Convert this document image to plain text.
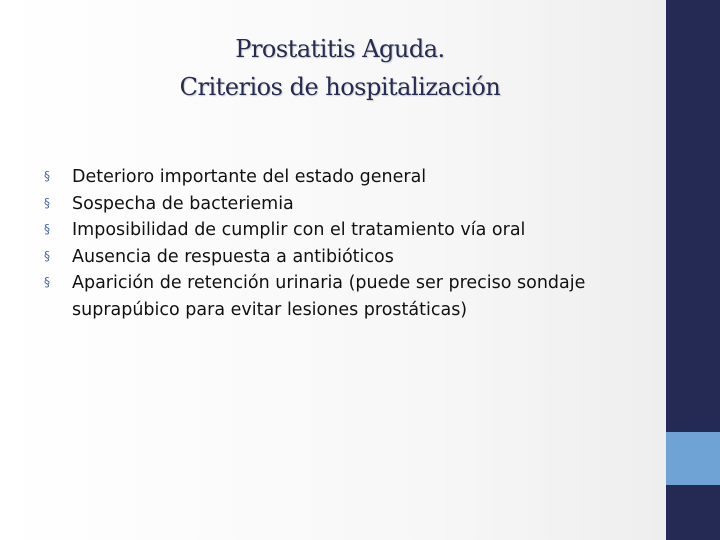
Prostatitis Aguda.
Criterios de hospitalización
§	Deterioro importante del estado general
§	Sospecha de bacteriemia
§	Imposibilidad de cumplir con el tratamiento vía oral
§	Ausencia de respuesta a antibióticos
§	Aparición de retención urinaria (puede ser preciso sondaje suprapúbico para evitar lesiones prostáticas)
